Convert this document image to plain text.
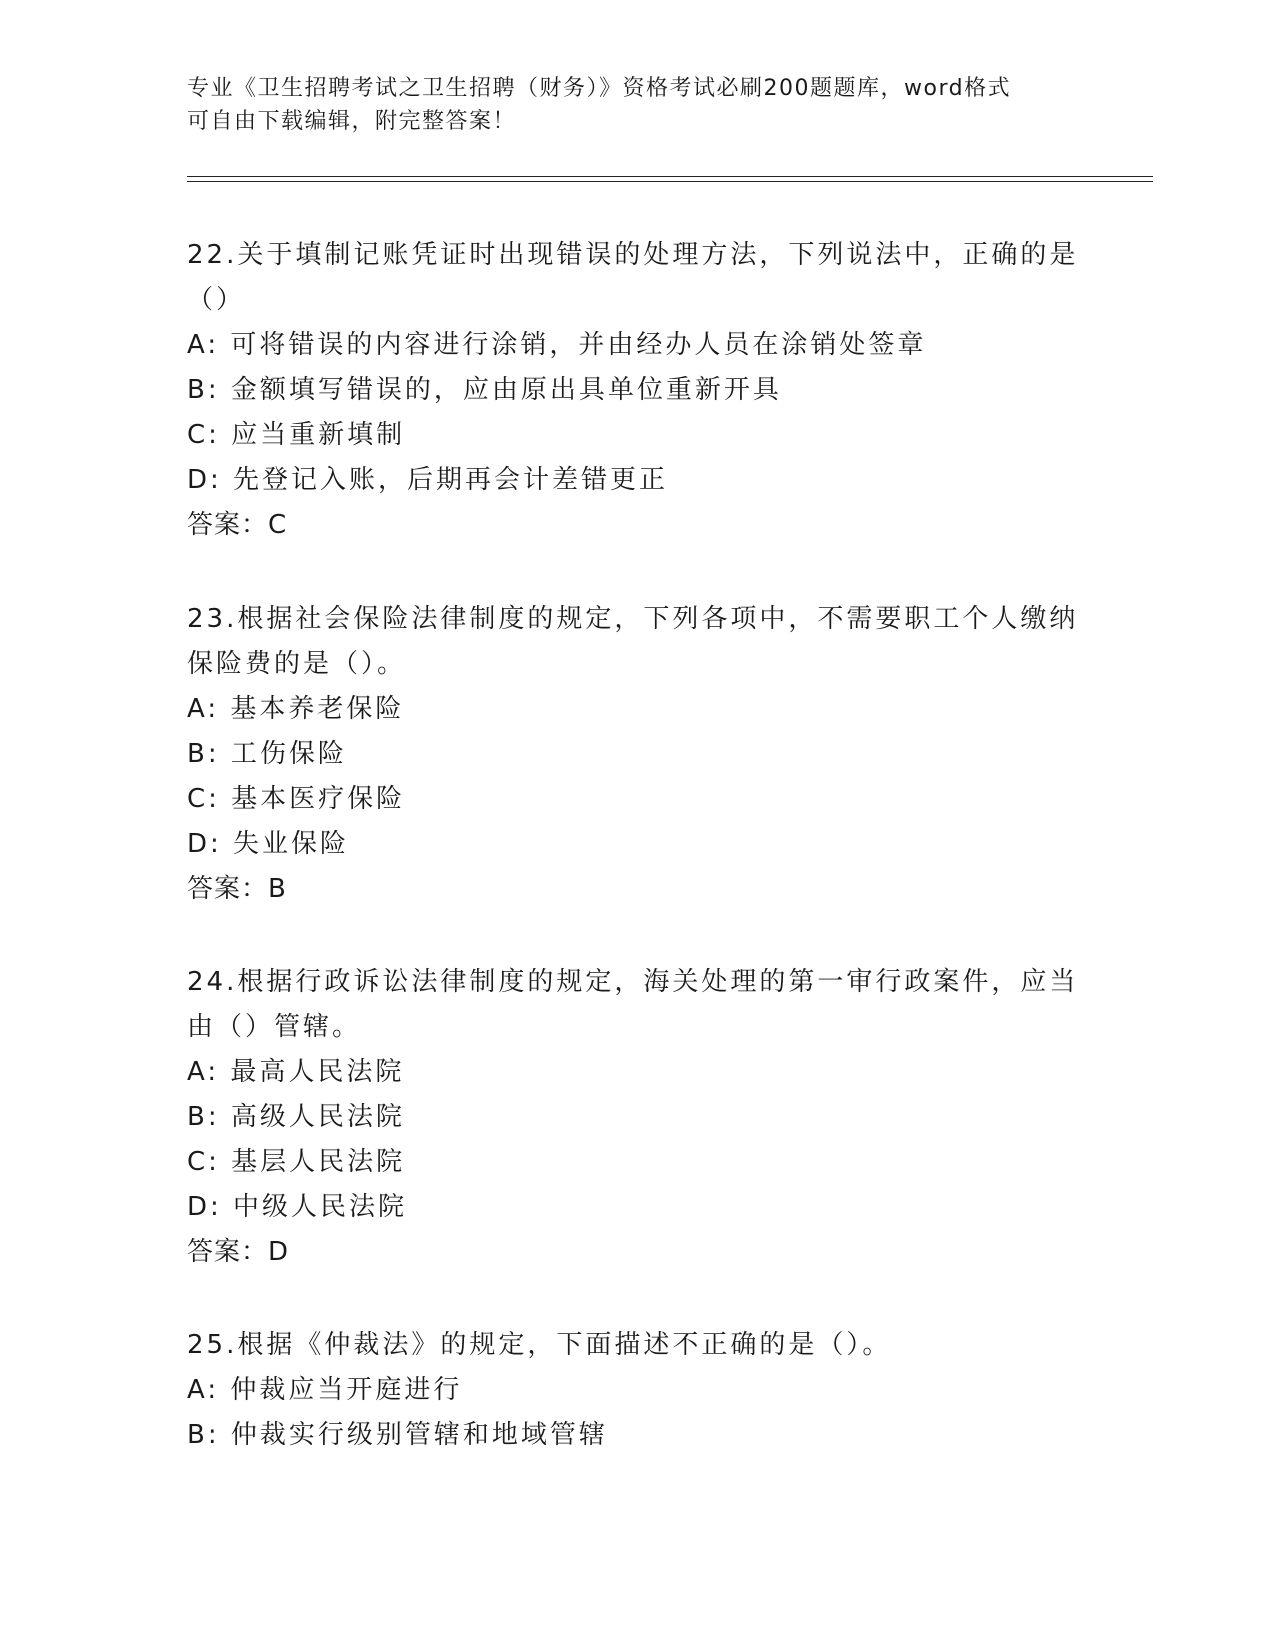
专业《卫生招聘考试之卫生招聘（财务）》资格考试必刷200题题库，word格式
可自由下载编辑，附完整答案！
22.关于填制记账凭证时出现错误的处理方法，下列说法中，正确的是
（）
A: 可将错误的内容进行涂销，并由经办人员在涂销处签章
B: 金额填写错误的，应由原出具单位重新开具
C: 应当重新填制
D: 先登记入账，后期再会计差错更正
答案：C
23.根据社会保险法律制度的规定，下列各项中，不需要职工个人缴纳
保险费的是（）。
A: 基本养老保险
B: 工伤保险
C: 基本医疗保险
D: 失业保险
答案：B
24.根据行政诉讼法律制度的规定，海关处理的第一审行政案件，应当
由（）管辖。
A: 最高人民法院
B: 高级人民法院
C: 基层人民法院
D: 中级人民法院
答案：D
25.根据《仲裁法》的规定，下面描述不正确的是（）。
A: 仲裁应当开庭进行
B: 仲裁实行级别管辖和地域管辖
